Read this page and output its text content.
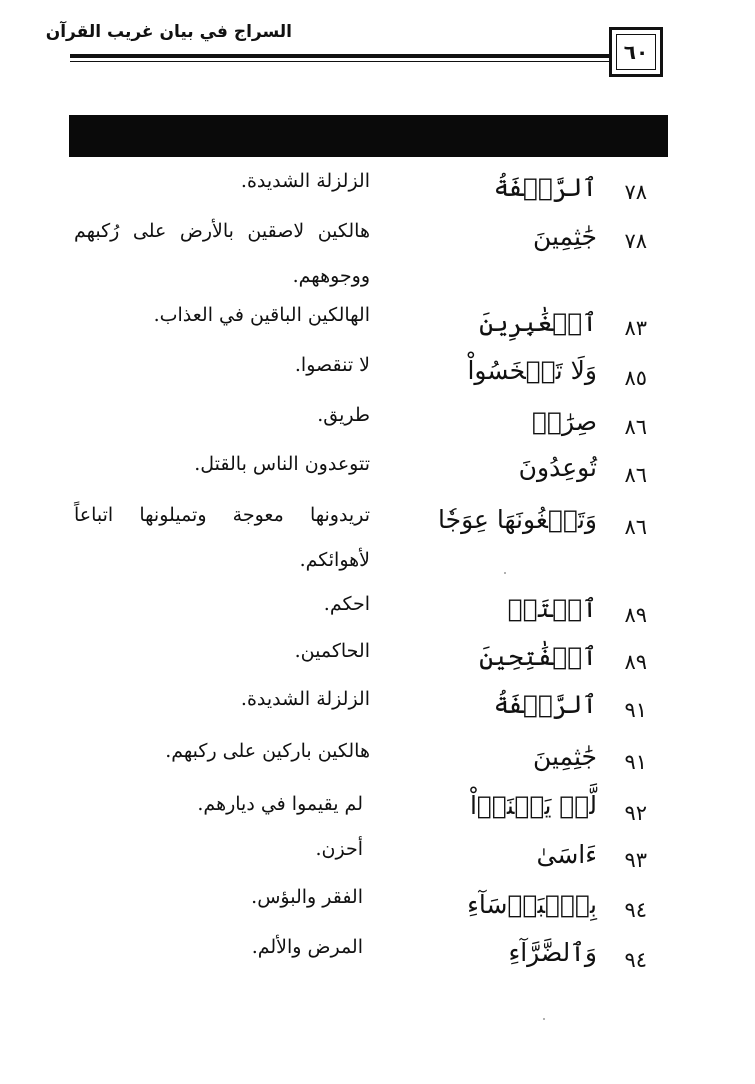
السراج في بيان غريب القرآن
٦٠
٧٨
ٱلرَّجۡفَةُ
الزلزلة الشديدة.
٧٨
جَٰثِمِينَ
هالكين لاصقين بالأرض على رُكبهم ووجوههم.
٨٣
ٱلۡغَٰبِرِينَ
الهالكين الباقين في العذاب.
٨٥
وَلَا تَبۡخَسُواْ
لا تنقصوا.
٨٦
صِرَٰطٖ
طريق.
٨٦
تُوعِدُونَ
تتوعدون الناس بالقتل.
٨٦
وَتَبۡغُونَهَا عِوَجٗا
تريدونها معوجة وتميلونها اتباعاً لأهوائكم.
٨٩
ٱفۡتَحۡ
احكم.
٨٩
ٱلۡفَٰتِحِينَ
الحاكمين.
٩١
ٱلرَّجۡفَةُ
الزلزلة الشديدة.
٩١
جَٰثِمِينَ
هالكين باركين على ركبهم.
٩٢
لَّمۡ يَغۡنَوۡاْ
لم يقيموا في ديارهم.
٩٣
ءَاسَىٰ
أحزن.
٩٤
بِٱلۡبَأۡسَآءِ
الفقر والبؤس.
٩٤
وَٱلضَّرَّآءِ
المرض والألم.
